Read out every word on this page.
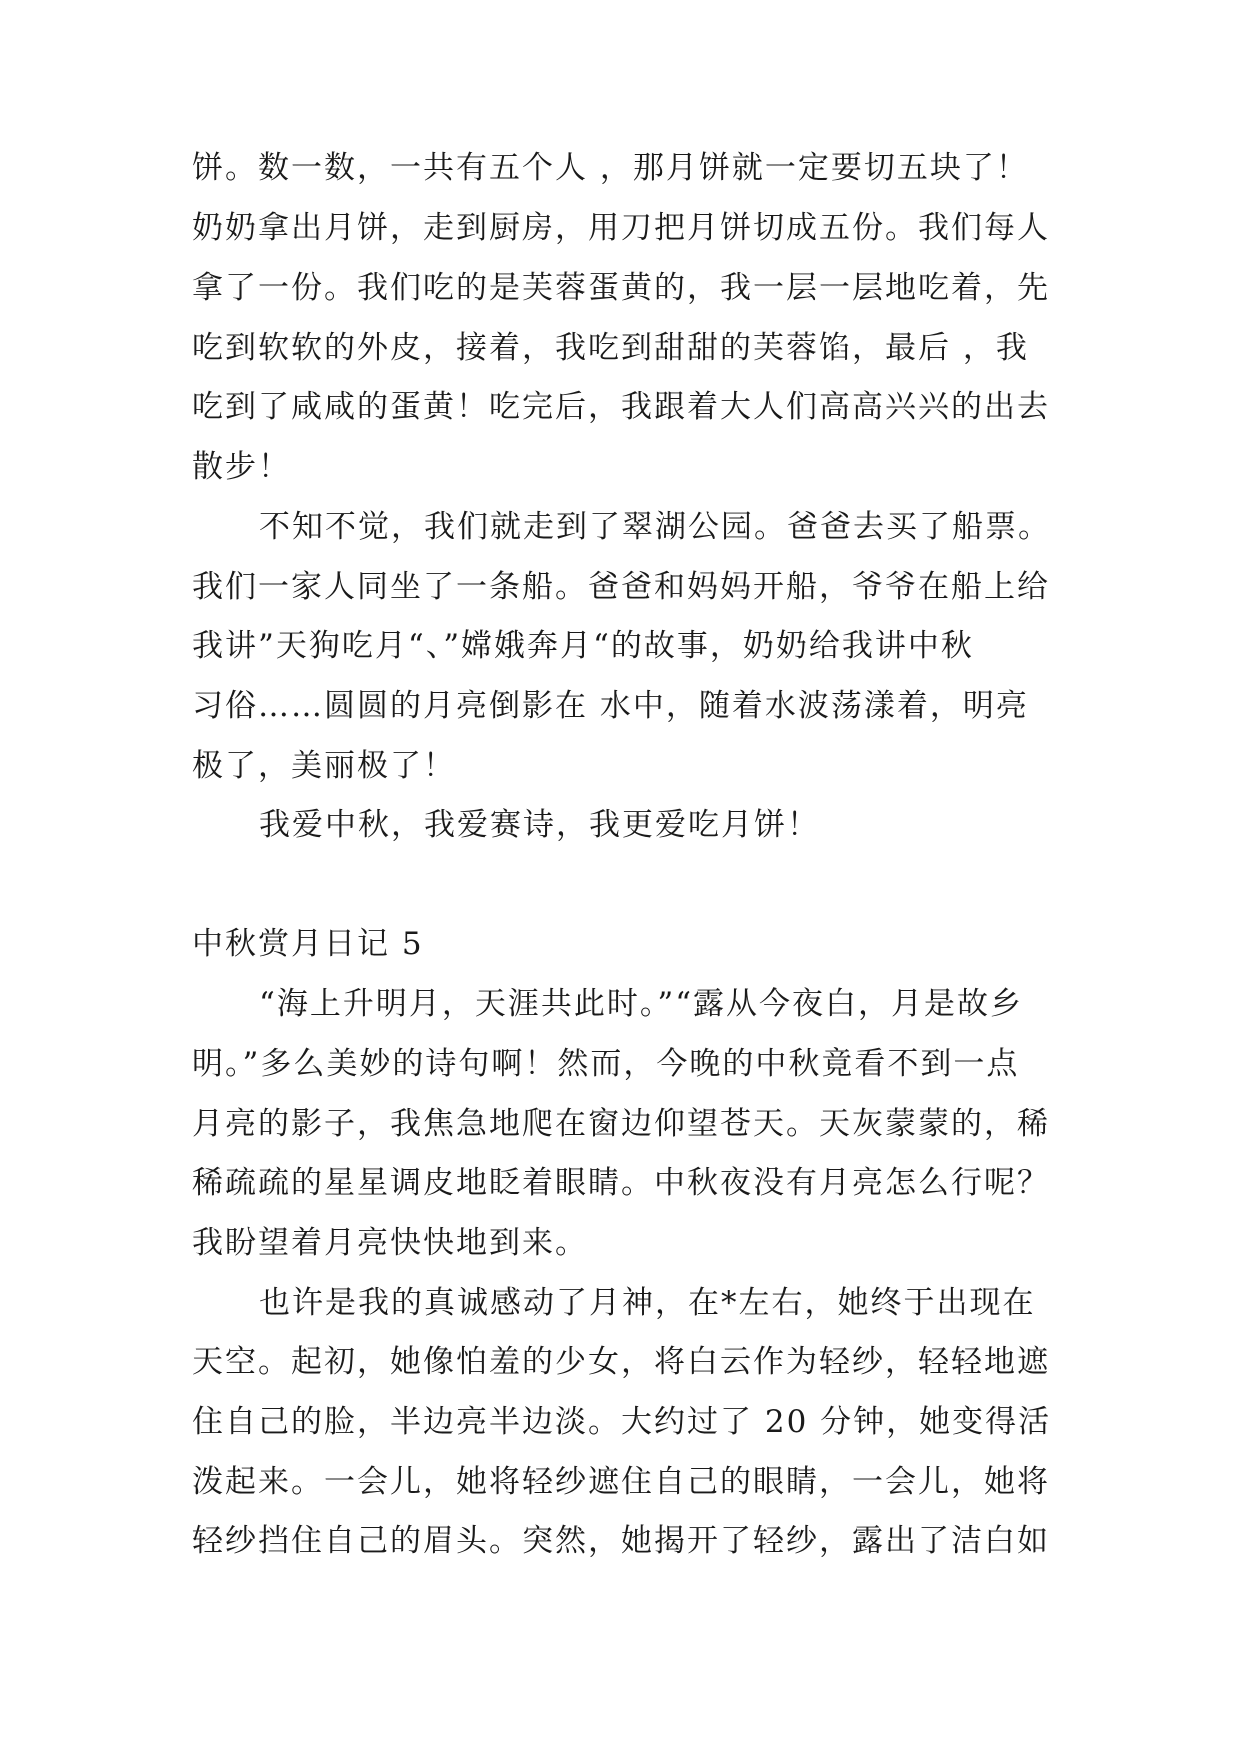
饼。数一数，一共有五个人 ，那月饼就一定要切五块了！
奶奶拿出月饼，走到厨房，用刀把月饼切成五份。我们每人
拿了一份。我们吃的是芙蓉蛋黄的，我一层一层地吃着，先
吃到软软的外皮，接着，我吃到甜甜的芙蓉馅，最后 ，我
吃到了咸咸的蛋黄！吃完后，我跟着大人们高高兴兴的出去
散步！
不知不觉，我们就走到了翠湖公园。爸爸去买了船票。
我们一家人同坐了一条船。爸爸和妈妈开船，爷爷在船上给
我讲”天狗吃月“、”嫦娥奔月“的故事，奶奶给我讲中秋
习俗……圆圆的月亮倒影在 水中，随着水波荡漾着，明亮
极了，美丽极了！
我爱中秋，我爱赛诗，我更爱吃月饼！
中秋赏月日记 5
“海上升明月，天涯共此时。”“露从今夜白，月是故乡
明。”多么美妙的诗句啊！然而，今晚的中秋竟看不到一点
月亮的影子，我焦急地爬在窗边仰望苍天。天灰蒙蒙的，稀
稀疏疏的星星调皮地眨着眼睛。中秋夜没有月亮怎么行呢？
我盼望着月亮快快地到来。
也许是我的真诚感动了月神，在*左右，她终于出现在
天空。起初，她像怕羞的少女，将白云作为轻纱，轻轻地遮
住自己的脸，半边亮半边淡。大约过了 20 分钟，她变得活
泼起来。一会儿，她将轻纱遮住自己的眼睛，一会儿，她将
轻纱挡住自己的眉头。突然，她揭开了轻纱，露出了洁白如
